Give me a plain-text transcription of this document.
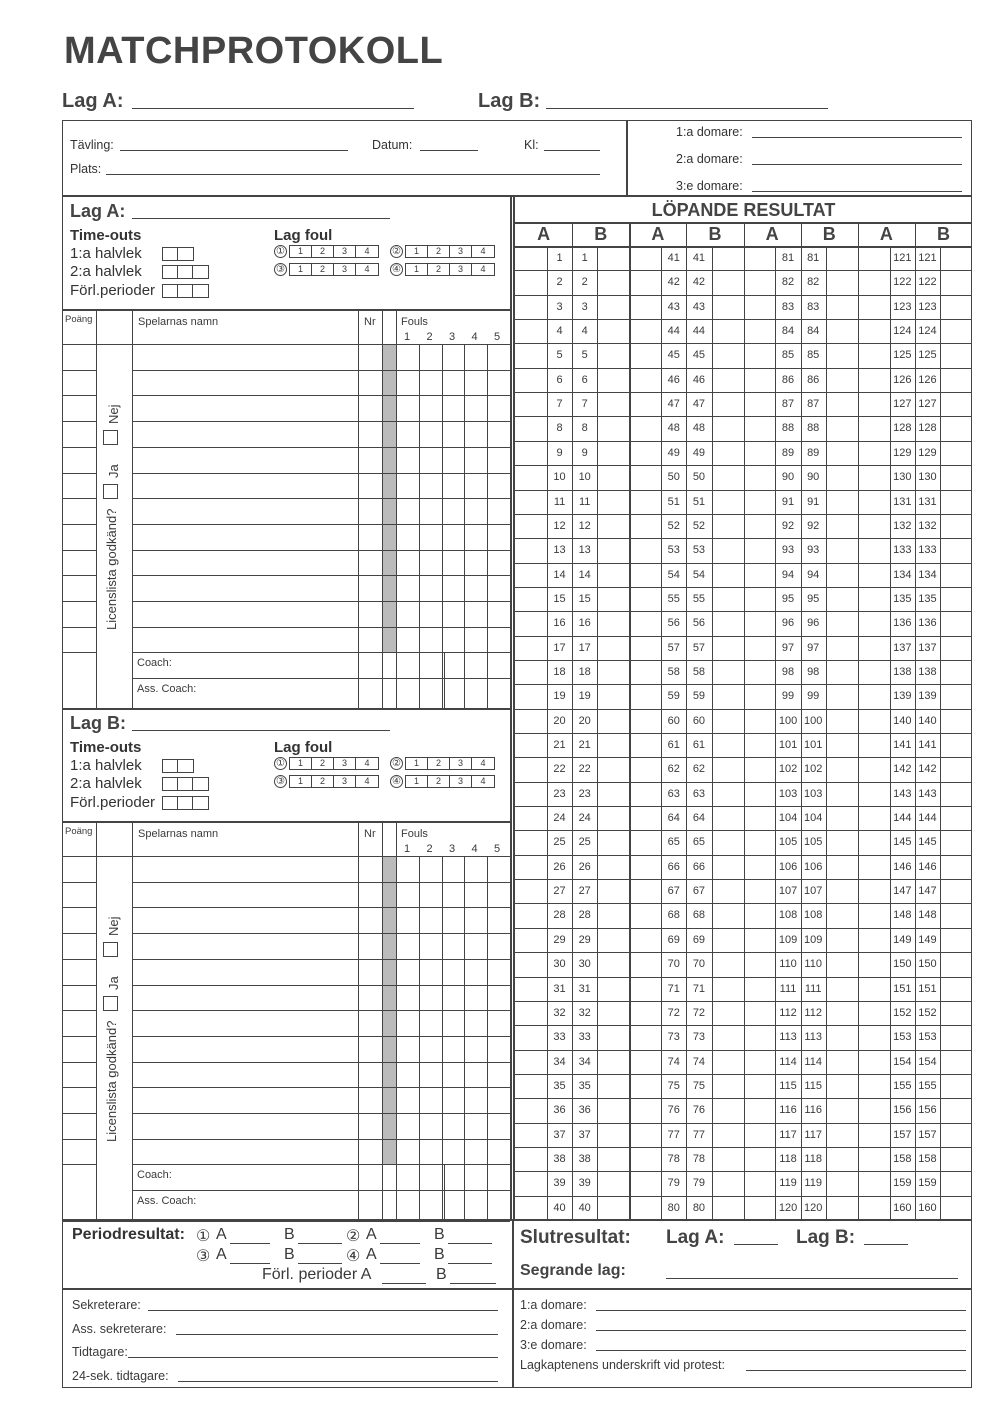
MATCHPROTOKOLL
Lag A:	Lag B:
Tävling:	Datum:	Kl:
Plats:
1:a domare:
2:a domare:
3:e domare:
Lag A:
Time-outs
1:a halvlek
2:a halvlek
Förl.perioder
Lag foul
①	1	2	3	4	②	1	2	3	4
③	1	2	3	4	④	1	2	3	4
Poäng	Spelarnas namn	Nr Fouls
1 2 3 4 5
Coach:
Ass. Coach:
Licenslista godkänd?
Nej
Ja
Lag B:
Time-outs
1:a halvlek
2:a halvlek
Förl.perioder
Lag foul
①	1	2	3	4	②	1	2	3	4
③	1	2	3	4	④	1	2	3	4
Poäng	Spelarnas namn	Nr Fouls
1 2 3 4 5
Coach:
Ass. Coach:
Licenslista godkänd?
Nej
Ja
LÖPANDE RESULTAT
A	B
1	1
2	2
3	3
4	4
5	5
6	6
7	7
8	8
9	9
10	10
11	11
12	12
13	13
14	14
15	15
16	16
17	17
18	18
19	19
20	20
21	21
22	22
23	23
24	24
25	25
26	26
27	27
28	28
29	29
30	30
31	31
32	32
33	33
34	34
35	35
36	36
37	37
38	38
39	39
40	40
A	B
41	41
42	42
43	43
44	44
45	45
46	46
47	47
48	48
49	49
50	50
51	51
52	52
53	53
54	54
55	55
56	56
57	57
58	58
59	59
60	60
61	61
62	62
63	63
64	64
65	65
66	66
67	67
68	68
69	69
70	70
71	71
72	72
73	73
74	74
75	75
76	76
77	77
78	78
79	79
80	80
A	B
81	81
82	82
83	83
84	84
85	85
86	86
87	87
88	88
89	89
90	90
91	91
92	92
93	93
94	94
95	95
96	96
97	97
98	98
99	99
100 100
101 101
102 102
103 103
104 104
105 105
106 106
107 107
108 108
109 109
110 110
111 111
112 112
113 113
114 114
115 115
116 116
117 117
118 118
119 119
120 120
A	B
121 121
122 122
123 123
124 124
125 125
126 126
127 127
128 128
129 129
130 130
131 131
132 132
133 133
134 134
135 135
136 136
137 137
138 138
139 139
140 140
141 141
142 142
143 143
144 144
145 145
146 146
147 147
148 148
149 149
150 150
151 151
152 152
153 153
154 154
155 155
156 156
157 157
158 158
159 159
160 160
Periodresultat: ① A	B	② A	B
③ A	B	④ A	B
Förl. perioder A	B
Slutresultat: Lag A:	Lag B:
Segrande lag:
Sekreterare:
Ass. sekreterare:
Tidtagare:
24-sek. tidtagare:
1:a domare:
2:a domare:
3:e domare:
Lagkaptenens underskrift vid protest:
